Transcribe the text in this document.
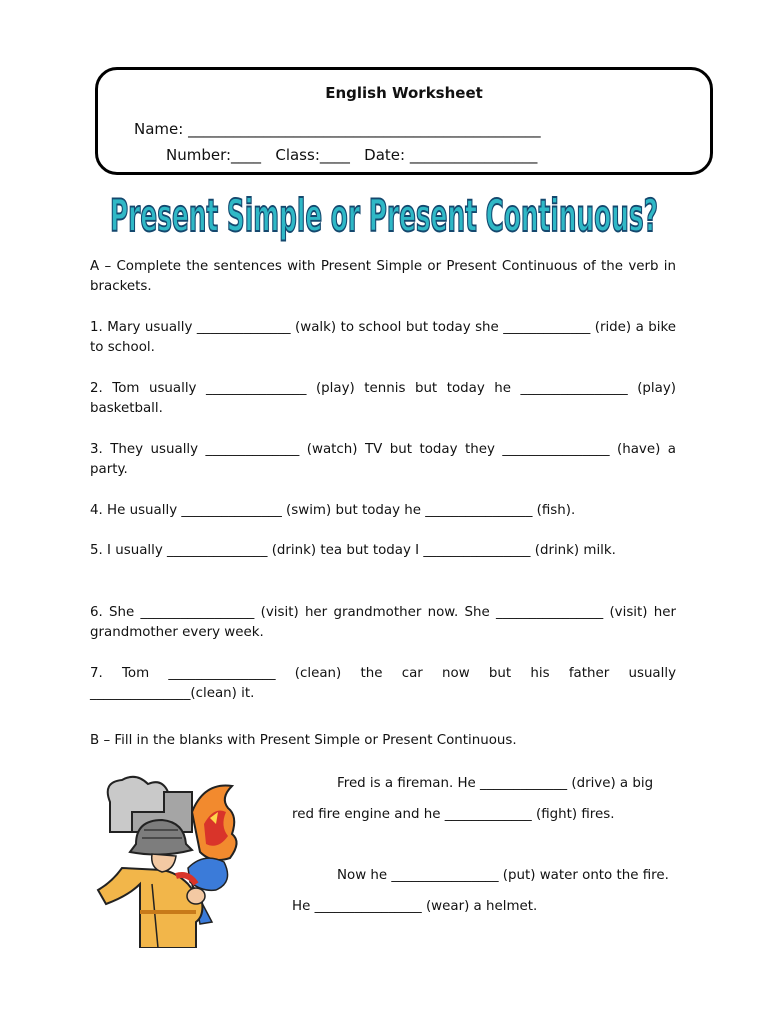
English Worksheet
Name: _______________________________________________
Number:____   Class:____   Date: _________________
Present Simple or Present Continuous?
A – Complete the sentences with Present Simple or Present Continuous of the verb in brackets.
1. Mary usually ______________ (walk) to school but today she _____________ (ride) a bike to school.
2. Tom usually _______________ (play) tennis but today he ________________ (play) basketball.
3. They usually ______________ (watch) TV but today they ________________ (have) a party.
4. He usually _______________ (swim) but today he ________________ (fish).
5. I usually _______________ (drink) tea but today I ________________ (drink) milk.
6. She _________________ (visit) her grandmother now. She ________________ (visit) her grandmother every week.
7. Tom ________________ (clean) the car now but his father usually _______________(clean) it.
B – Fill in the blanks with Present Simple or Present Continuous.
Fred is a fireman. He _____________ (drive) a big red fire engine and he _____________ (fight) fires.
Now he ________________ (put) water onto the fire. He ________________ (wear) a helmet.
